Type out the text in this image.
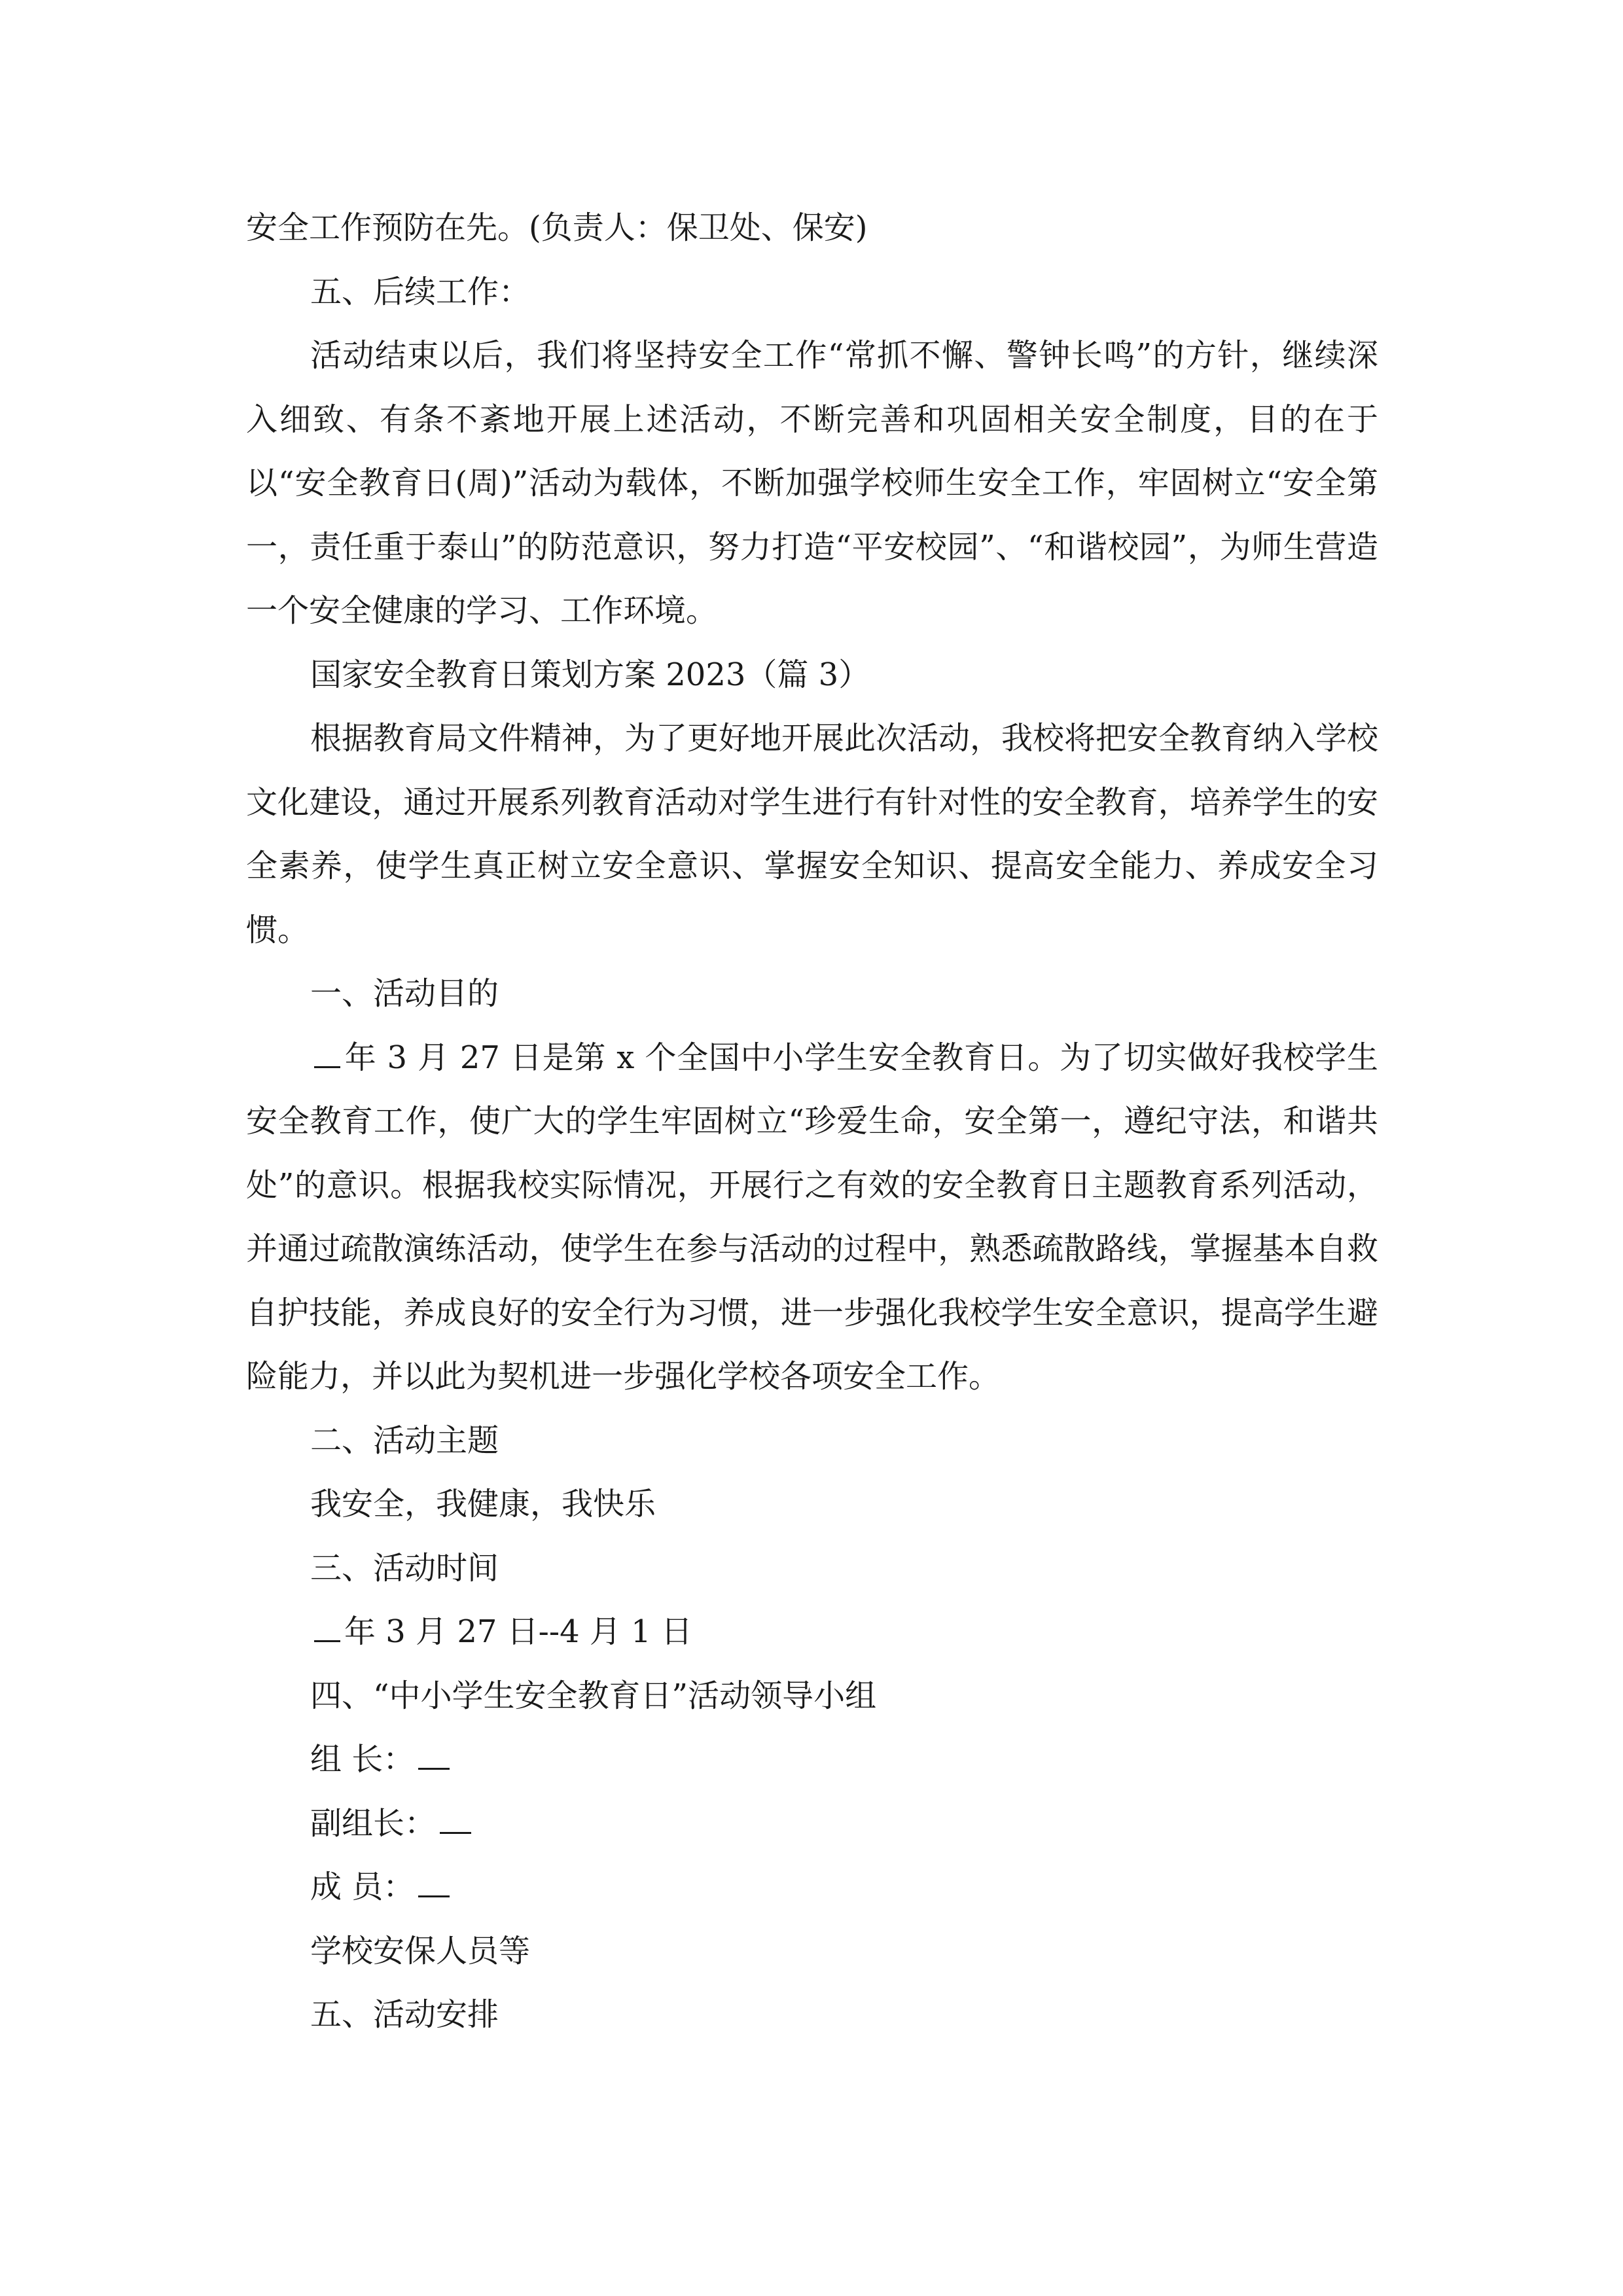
安全工作预防在先。(负责人：保卫处、保安)

五、后续工作：

活动结束以后，我们将坚持安全工作“常抓不懈、警钟长鸣”的方针，继续深入细致、有条不紊地开展上述活动，不断完善和巩固相关安全制度，目的在于以“安全教育日(周)”活动为载体，不断加强学校师生安全工作，牢固树立“安全第一，责任重于泰山”的防范意识，努力打造“平安校园”、“和谐校园”，为师生营造一个安全健康的学习、工作环境。

国家安全教育日策划方案 2023（篇 3）

根据教育局文件精神，为了更好地开展此次活动，我校将把安全教育纳入学校文化建设，通过开展系列教育活动对学生进行有针对性的安全教育，培养学生的安全素养，使学生真正树立安全意识、掌握安全知识、提高安全能力、养成安全习惯。

一、活动目的

年 3 月 27 日是第 x 个全国中小学生安全教育日。为了切实做好我校学生安全教育工作，使广大的学生牢固树立“珍爱生命，安全第一，遵纪守法，和谐共处”的意识。根据我校实际情况，开展行之有效的安全教育日主题教育系列活动，并通过疏散演练活动，使学生在参与活动的过程中，熟悉疏散路线，掌握基本自救自护技能，养成良好的安全行为习惯，进一步强化我校学生安全意识，提高学生避险能力，并以此为契机进一步强化学校各项安全工作。

二、活动主题

我安全，我健康，我快乐

三、活动时间

年 3 月 27 日--4 月 1 日

四、“中小学生安全教育日”活动领导小组

组 长：

副组长：

成 员：

学校安保人员等

五、活动安排
